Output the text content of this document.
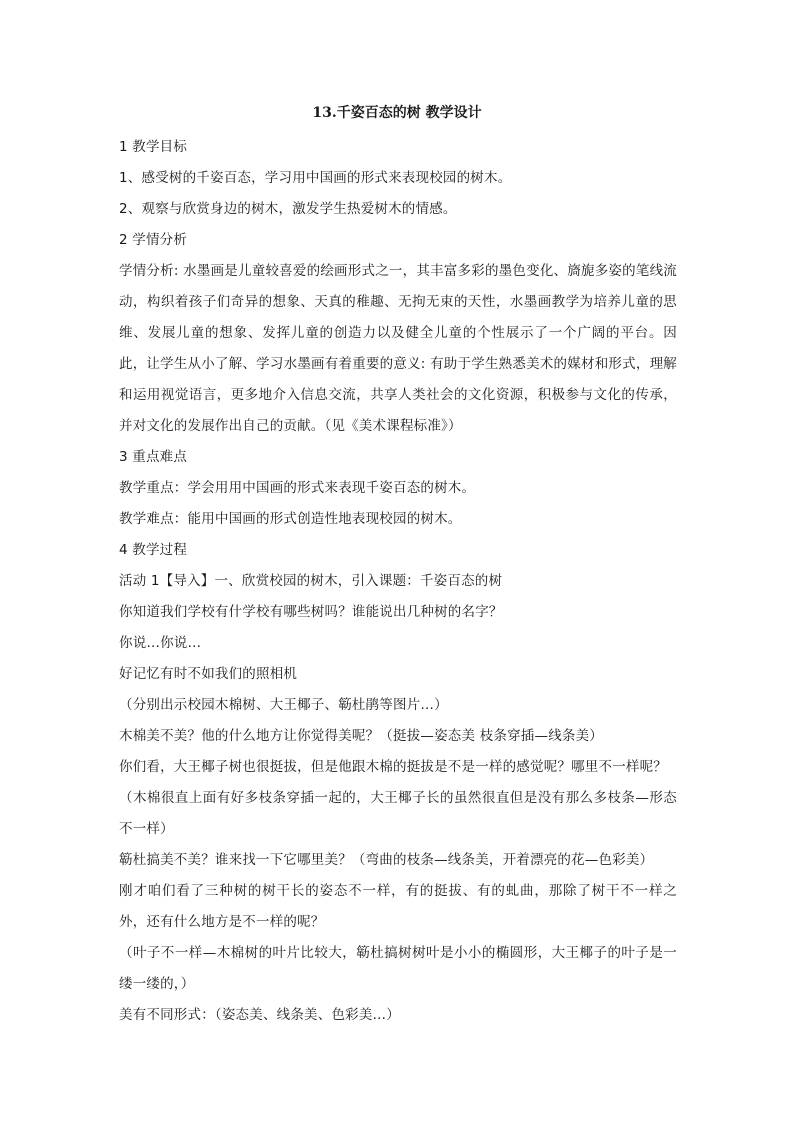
13.千姿百态的树 教学设计

1 教学目标

1、感受树的千姿百态，学习用中国画的形式来表现校园的树木。

2、观察与欣赏身边的树木，激发学生热爱树木的情感。

2 学情分析

学情分析: 水墨画是儿童较喜爱的绘画形式之一，其丰富多彩的墨色变化、旖旎多姿的笔线流动，构织着孩子们奇异的想象、天真的稚趣、无拘无束的天性，水墨画教学为培养儿童的思维、发展儿童的想象、发挥儿童的创造力以及健全儿童的个性展示了一个广阔的平台。因此，让学生从小了解、学习水墨画有着重要的意义: 有助于学生熟悉美术的媒材和形式，理解和运用视觉语言，更多地介入信息交流，共享人类社会的文化资源，积极参与文化的传承，并对文化的发展作出自己的贡献。（见《美术课程标准》）

3 重点难点

教学重点：学会用用中国画的形式来表现千姿百态的树木。

教学难点：能用中国画的形式创造性地表现校园的树木。

4 教学过程

活动 1【导入】一、欣赏校园的树木，引入课题：千姿百态的树

你知道我们学校有什学校有哪些树吗？谁能说出几种树的名字？

你说…你说…

好记忆有时不如我们的照相机

（分别出示校园木棉树、大王椰子、簕杜鹃等图片…）

木棉美不美？他的什么地方让你觉得美呢？（挺拔—姿态美 枝条穿插—线条美）

你们看，大王椰子树也很挺拔，但是他跟木棉的挺拔是不是一样的感觉呢？哪里不一样呢？

（木棉很直上面有好多枝条穿插一起的，大王椰子长的虽然很直但是没有那么多枝条—形态不一样）

簕杜搞美不美？谁来找一下它哪里美？（弯曲的枝条—线条美，开着漂亮的花—色彩美）

刚才咱们看了三种树的树干长的姿态不一样，有的挺拔、有的虬曲，那除了树干不一样之外，还有什么地方是不一样的呢？

（叶子不一样—木棉树的叶片比较大，簕杜搞树树叶是小小的椭圆形，大王椰子的叶子是一缕一缕的，）

美有不同形式：（姿态美、线条美、色彩美…）
